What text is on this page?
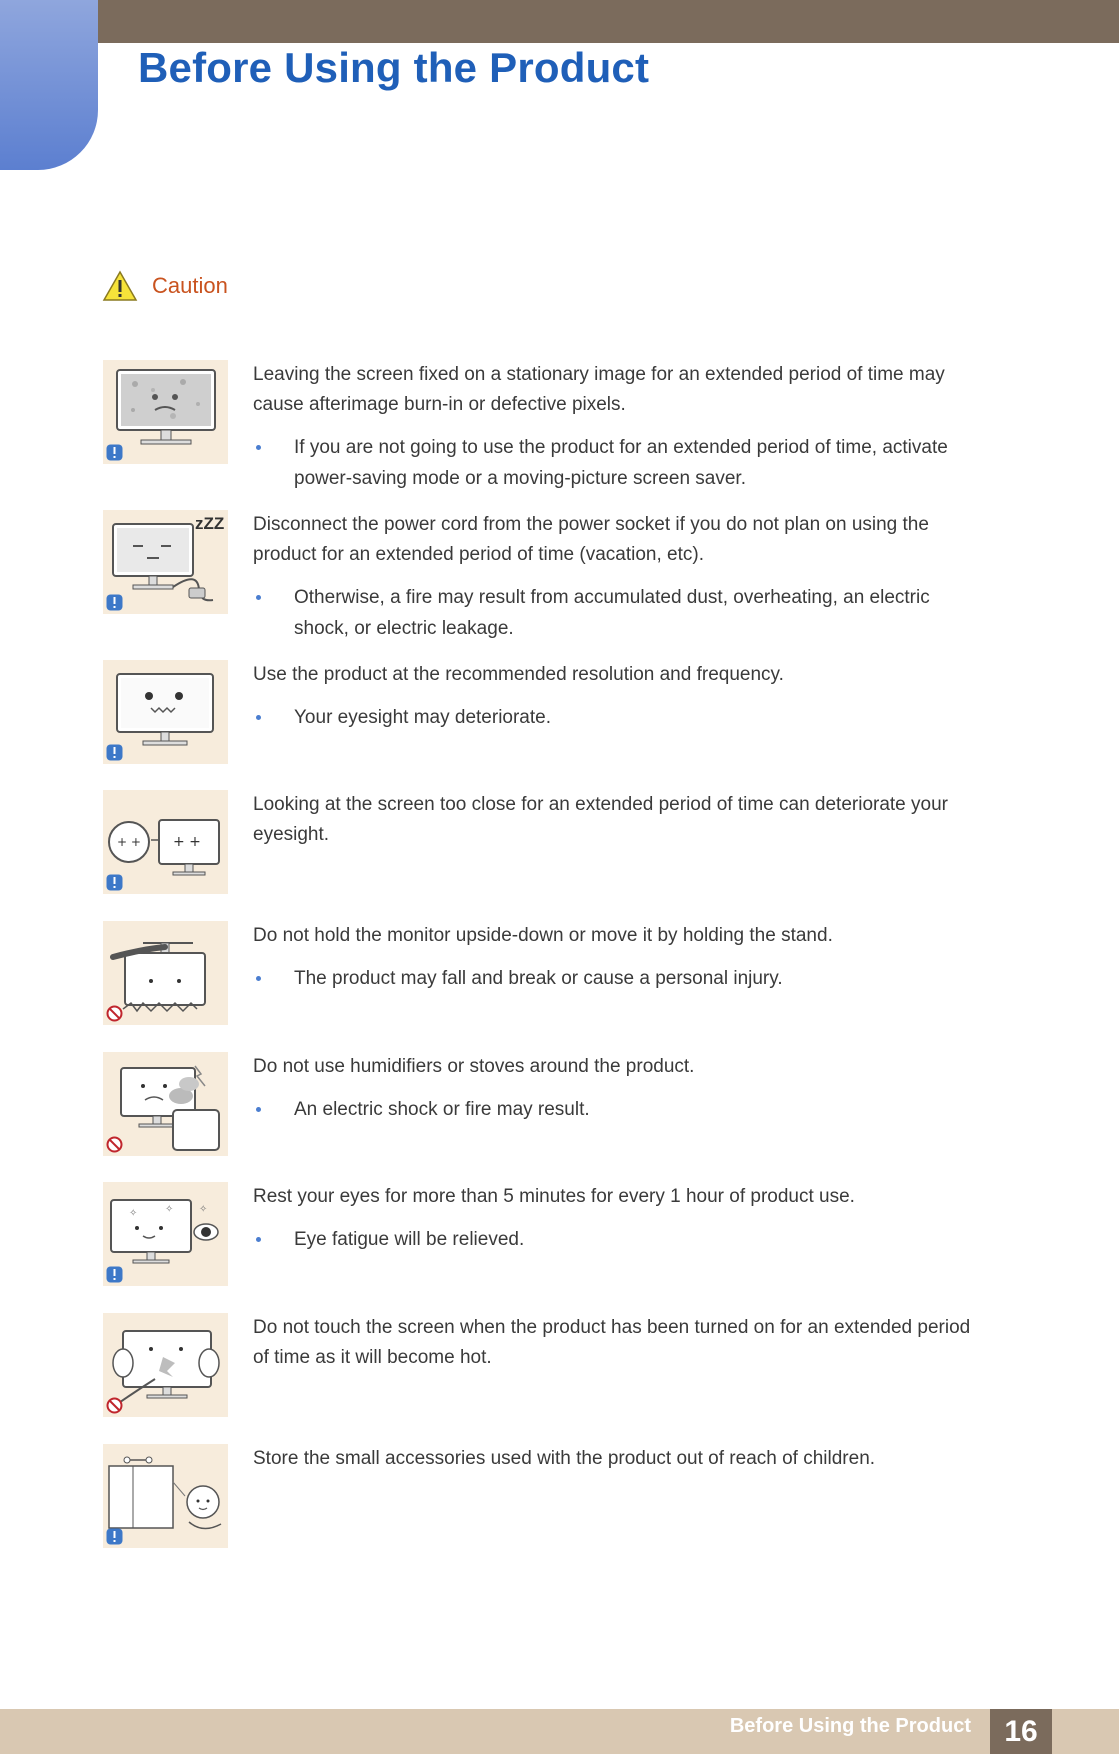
Before Using the Product
Caution

Leaving the screen fixed on a stationary image for an extended period of time may cause afterimage burn-in or defective pixels.

If you are not going to use the product for an extended period of time, activate power-saving mode or a moving-picture screen saver.

zZZ Disconnect the power cord from the power socket if you do not plan on using the product for an extended period of time (vacation, etc).

Otherwise, a fire may result from accumulated dust, overheating, an electric shock, or electric leakage.

Use the product at the recommended resolution and frequency.

Your eyesight may deteriorate.

+ + + +

Looking at the screen too close for an extended period of time can deteriorate your eyesight.

Do not hold the monitor upside-down or move it by holding the stand.

The product may fall and break or cause a personal injury.

Do not use humidifiers or stoves around the product.

An electric shock or fire may result.

✧	✧	✧

Rest your eyes for more than 5 minutes for every 1 hour of product use.

Eye fatigue will be relieved.

Do not touch the screen when the product has been turned on for an extended period of time as it will become hot.

Store the small accessories used with the product out of reach of children.

Before Using the Product	16
